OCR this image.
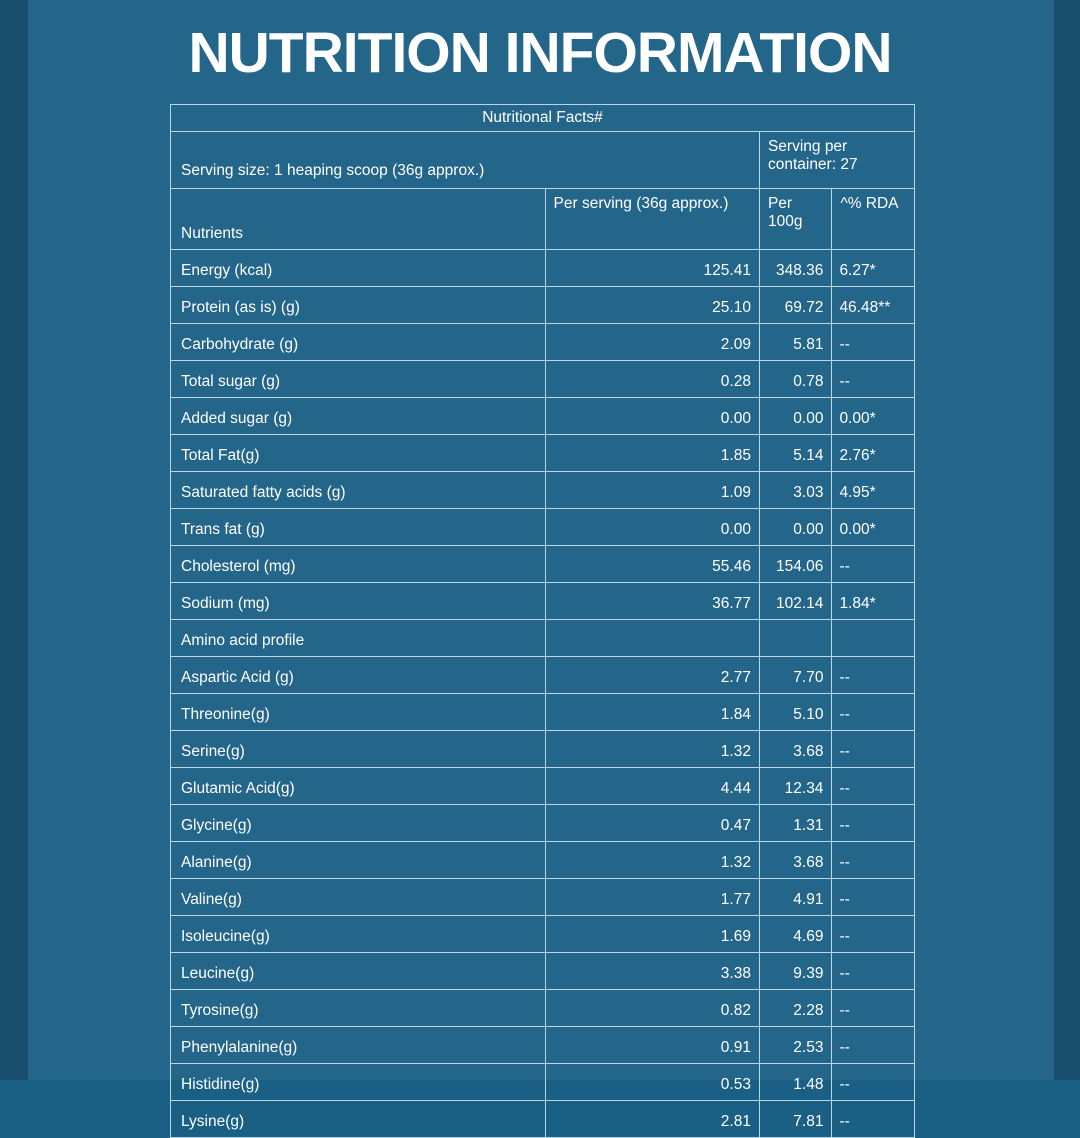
NUTRITION INFORMATION
Nutritional Facts#			
Serving size: 1 heaping scoop (36g approx.)		Serving per container: 27	
Nutrients	Per serving (36g approx.)	Per 100g	^% RDA
Energy (kcal)	125.41	348.36	6.27*
Protein (as is) (g)	25.10	69.72	46.48**
Carbohydrate (g)	2.09	5.81	--
Total sugar (g)	0.28	0.78	--
Added sugar (g)	0.00	0.00	0.00*
Total Fat(g)	1.85	5.14	2.76*
Saturated fatty acids (g)	1.09	3.03	4.95*
Trans fat (g)	0.00	0.00	0.00*
Cholesterol (mg)	55.46	154.06	--
Sodium (mg)	36.77	102.14	1.84*
Amino acid profile			
Aspartic Acid (g)	2.77	7.70	--
Threonine(g)	1.84	5.10	--
Serine(g)	1.32	3.68	--
Glutamic Acid(g)	4.44	12.34	--
Glycine(g)	0.47	1.31	--
Alanine(g)	1.32	3.68	--
Valine(g)	1.77	4.91	--
Isoleucine(g)	1.69	4.69	--
Leucine(g)	3.38	9.39	--
Tyrosine(g)	0.82	2.28	--
Phenylalanine(g)	0.91	2.53	--
Histidine(g)	0.53	1.48	--
Lysine(g)	2.81	7.81	--
